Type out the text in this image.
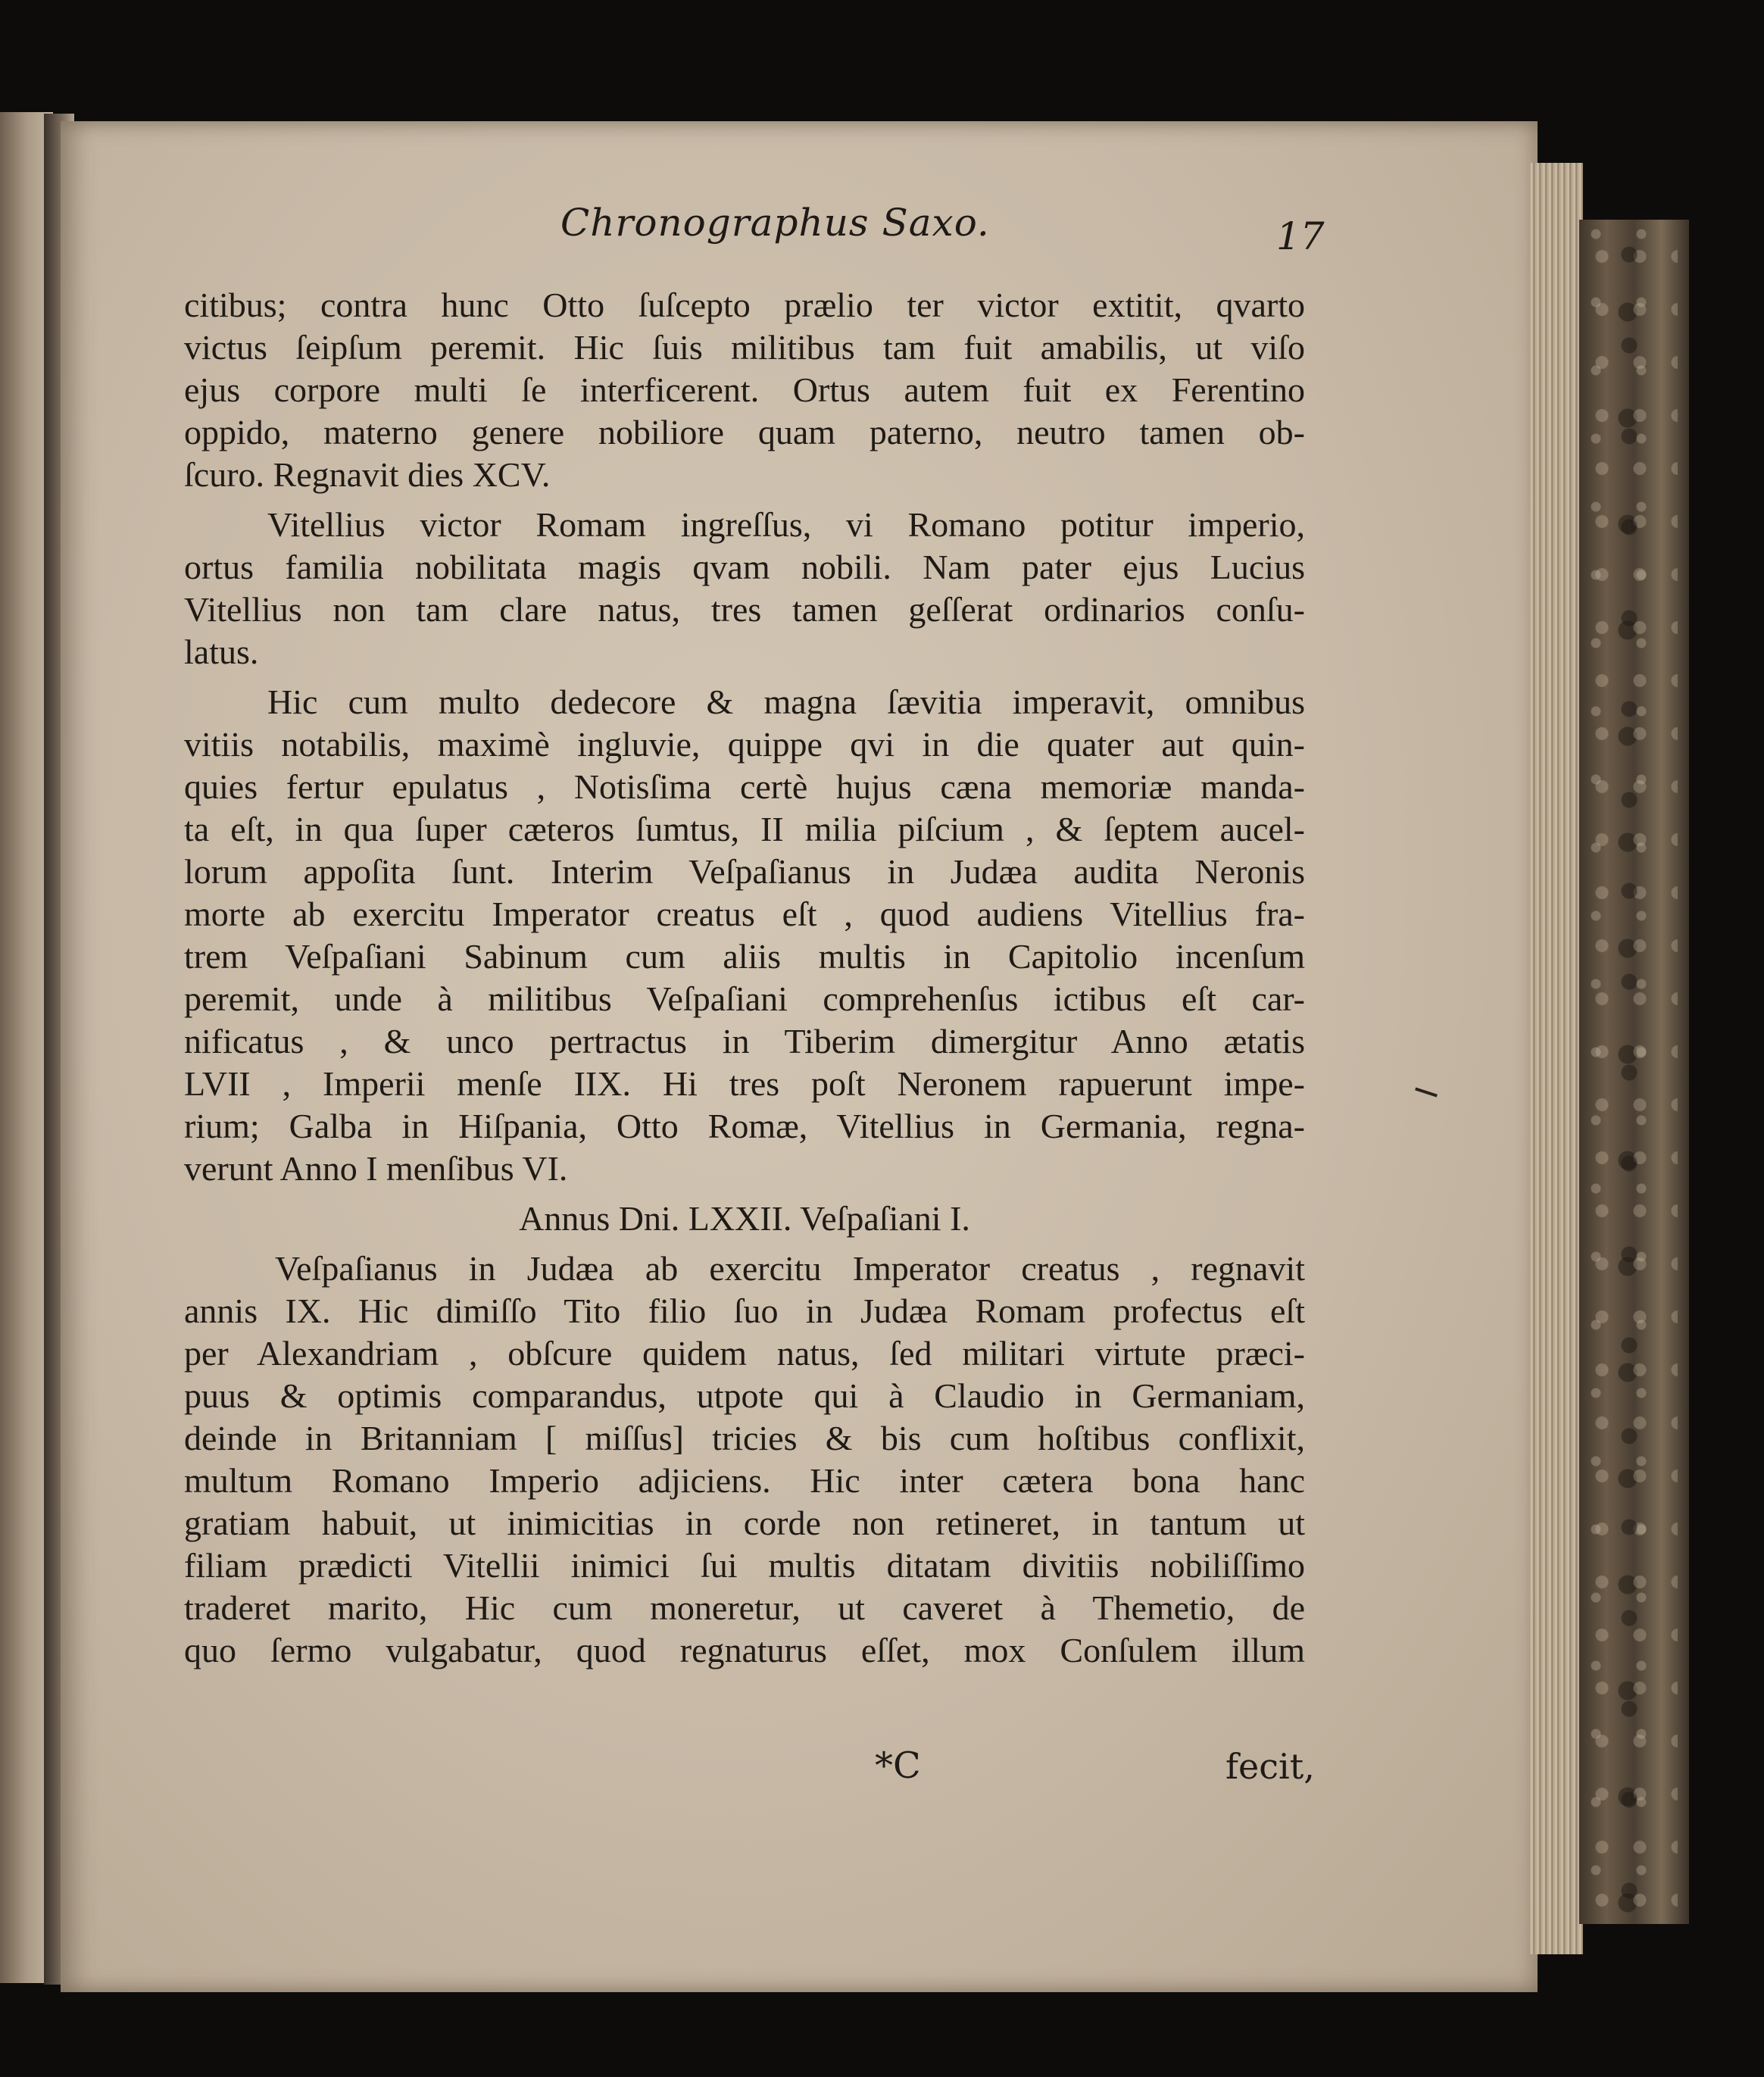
Chronographus Saxo.	17
citibus; contra hunc Otto ſuſcepto prælio ter victor extitit, qvarto
victus ſeipſum peremit. Hic ſuis militibus tam fuit amabilis, ut viſo
ejus corpore multi ſe interficerent. Ortus autem fuit ex Ferentino
oppido, materno genere nobiliore quam paterno, neutro tamen ob-
ſcuro. Regnavit dies XCV.
Vitellius victor Romam ingreſſus, vi Romano potitur imperio,
ortus familia nobilitata magis qvam nobili. Nam pater ejus Lucius
Vitellius non tam clare natus, tres tamen geſſerat ordinarios conſu-
latus.
Hic cum multo dedecore & magna ſævitia imperavit, omnibus
vitiis notabilis, maximè ingluvie, quippe qvi in die quater aut quin-
quies fertur epulatus , Notisſima certè hujus cæna memoriæ manda-
ta eſt, in qua ſuper cæteros ſumtus, II milia piſcium , & ſeptem aucel-
lorum appoſita ſunt. Interim Veſpaſianus in Judæa audita Neronis
morte ab exercitu Imperator creatus eſt , quod audiens Vitellius fra-
trem Veſpaſiani Sabinum cum aliis multis in Capitolio incenſum
peremit, unde à militibus Veſpaſiani comprehenſus ictibus eſt car-
nificatus , & unco pertractus in Tiberim dimergitur Anno ætatis
LVII , Imperii menſe IIX. Hi tres poſt Neronem rapuerunt impe-
rium; Galba in Hiſpania, Otto Romæ, Vitellius in Germania, regna-
verunt Anno I menſibus VI.
Annus Dni. LXXII. Veſpaſiani I.
Veſpaſianus in Judæa ab exercitu Imperator creatus , regnavit
annis IX. Hic dimiſſo Tito filio ſuo in Judæa Romam profectus eſt
per Alexandriam , obſcure quidem natus, ſed militari virtute præci-
puus & optimis comparandus, utpote qui à Claudio in Germaniam,
deinde in Britanniam [ miſſus] tricies & bis cum hoſtibus conflixit,
multum Romano Imperio adjiciens. Hic inter cætera bona hanc
gratiam habuit, ut inimicitias in corde non retineret, in tantum ut
filiam prædicti Vitellii inimici ſui multis ditatam divitiis nobiliſſimo
traderet marito, Hic cum moneretur, ut caveret à Themetio, de
quo ſermo vulgabatur, quod regnaturus eſſet, mox Conſulem illum
*C	fecit,
